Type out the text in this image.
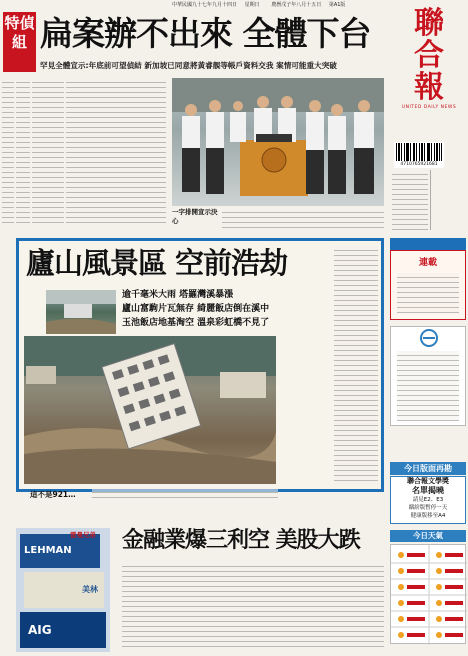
中華民國九十七年九月十四日 星期日 農曆戊子年八月十五日 第A1版
特偵組 扁案辦不出來 全體下台
罕見全體宣示:年底前可望偵結 新加坡已同意將黃睿靚等帳戶資料交我 案情可能重大突破
聯
合
報
UNITED DAILY NEWS
4710765921681
一字排開宣示決心
廬山風景區 空前浩劫
逾千毫米大雨 塔羅灣溪暴漲
廬山富駒片瓦無存 綺麗飯店倒在溪中
玉池飯店地基淘空 溫泉彩虹橋不見了
這不是921…
連載
今日版面再勘
聯合報文學獎
名單揭曉
請見E2、E3
繽紛版暫停一天
健康版移至A4
今日天氣
LEHMAN
雷曼兄弟
美林
AIG
金融業爆三利空 美股大跌
